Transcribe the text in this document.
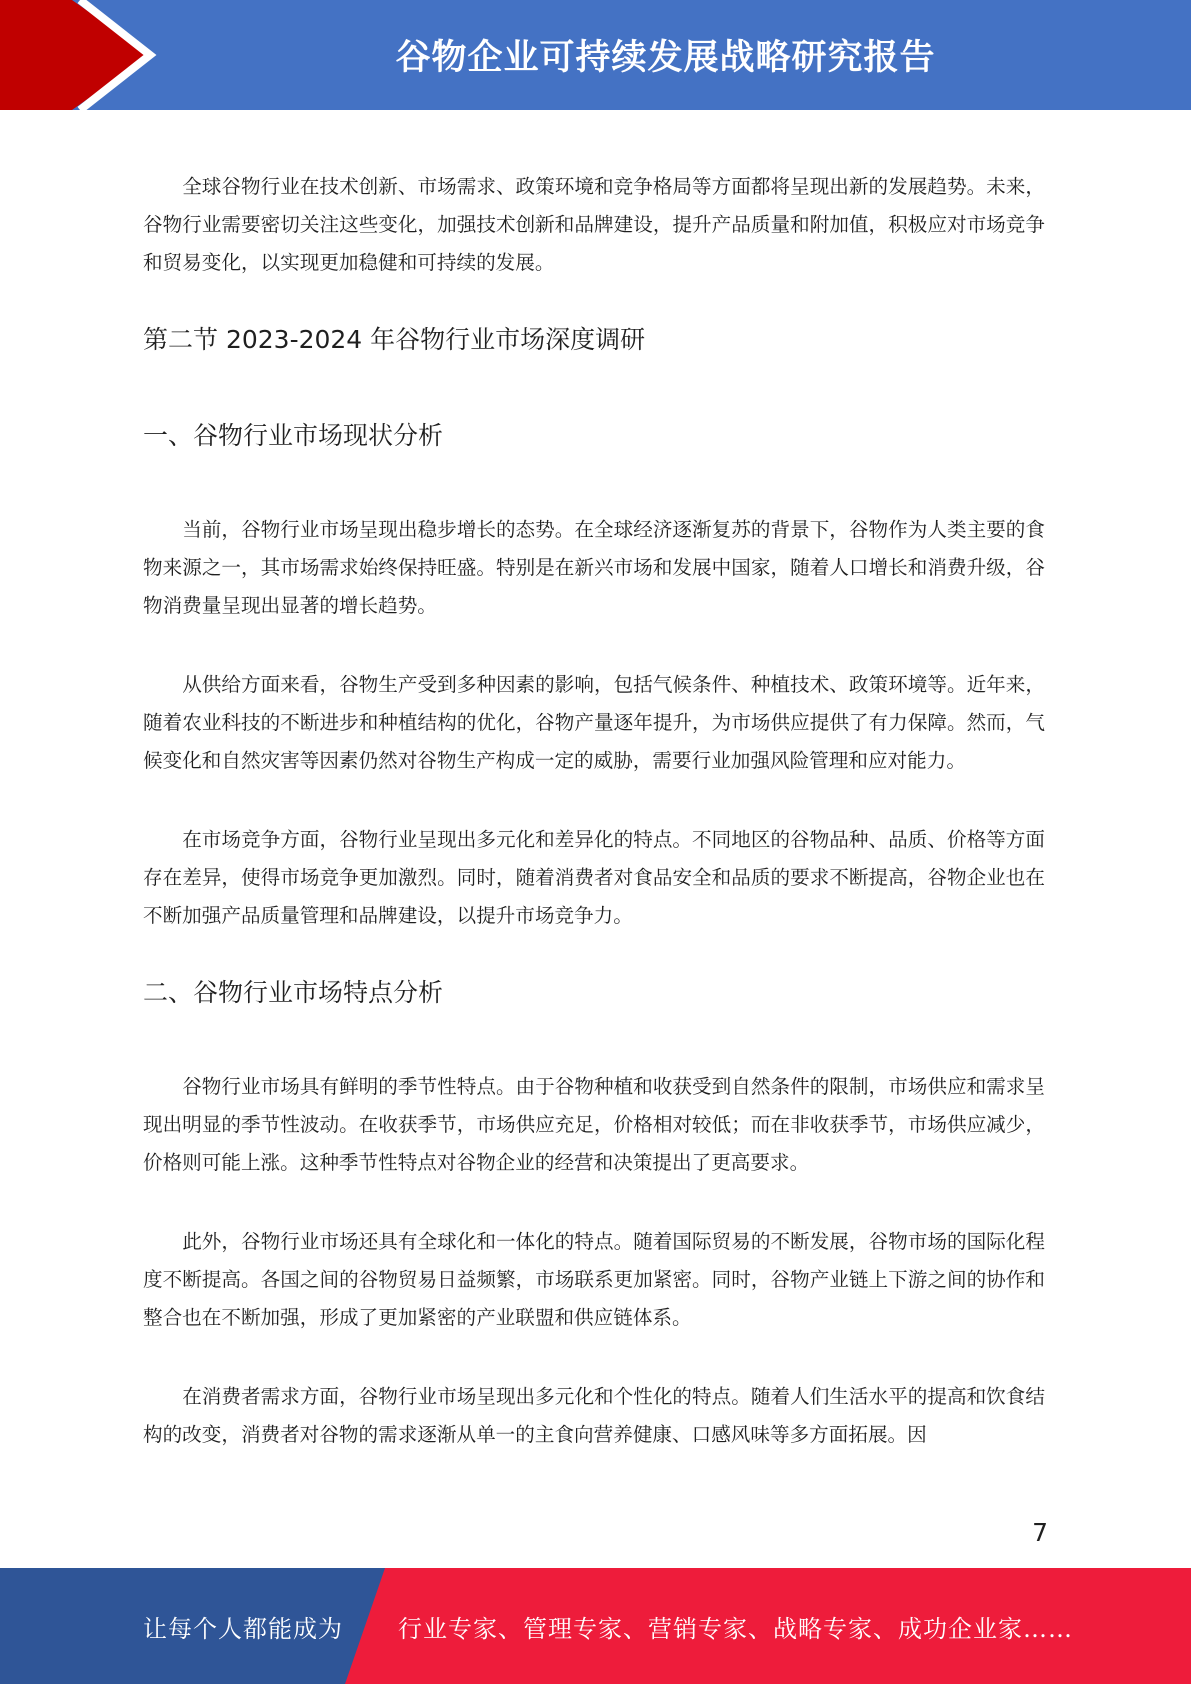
谷物企业可持续发展战略研究报告

全球谷物行业在技术创新、市场需求、政策环境和竞争格局等方面都将呈现出新的发展趋势。未来，谷物行业需要密切关注这些变化，加强技术创新和品牌建设，提升产品质量和附加值，积极应对市场竞争和贸易变化，以实现更加稳健和可持续的发展。

第二节 2023-2024 年谷物行业市场深度调研
一、谷物行业市场现状分析

当前，谷物行业市场呈现出稳步增长的态势。在全球经济逐渐复苏的背景下，谷物作为人类主要的食物来源之一，其市场需求始终保持旺盛。特别是在新兴市场和发展中国家，随着人口增长和消费升级，谷物消费量呈现出显著的增长趋势。

从供给方面来看，谷物生产受到多种因素的影响，包括气候条件、种植技术、政策环境等。近年来，随着农业科技的不断进步和种植结构的优化，谷物产量逐年提升，为市场供应提供了有力保障。然而，气候变化和自然灾害等因素仍然对谷物生产构成一定的威胁，需要行业加强风险管理和应对能力。

在市场竞争方面，谷物行业呈现出多元化和差异化的特点。不同地区的谷物品种、品质、价格等方面存在差异，使得市场竞争更加激烈。同时，随着消费者对食品安全和品质的要求不断提高，谷物企业也在不断加强产品质量管理和品牌建设，以提升市场竞争力。

二、谷物行业市场特点分析

谷物行业市场具有鲜明的季节性特点。由于谷物种植和收获受到自然条件的限制，市场供应和需求呈现出明显的季节性波动。在收获季节，市场供应充足，价格相对较低；而在非收获季节，市场供应减少，价格则可能上涨。这种季节性特点对谷物企业的经营和决策提出了更高要求。

此外，谷物行业市场还具有全球化和一体化的特点。随着国际贸易的不断发展，谷物市场的国际化程度不断提高。各国之间的谷物贸易日益频繁，市场联系更加紧密。同时，谷物产业链上下游之间的协作和整合也在不断加强，形成了更加紧密的产业联盟和供应链体系。

在消费者需求方面，谷物行业市场呈现出多元化和个性化的特点。随着人们生活水平的提高和饮食结构的改变，消费者对谷物的需求逐渐从单一的主食向营养健康、口感风味等多方面拓展。因

7
让每个人都能成为 行业专家、管理专家、营销专家、战略专家、成功企业家……
